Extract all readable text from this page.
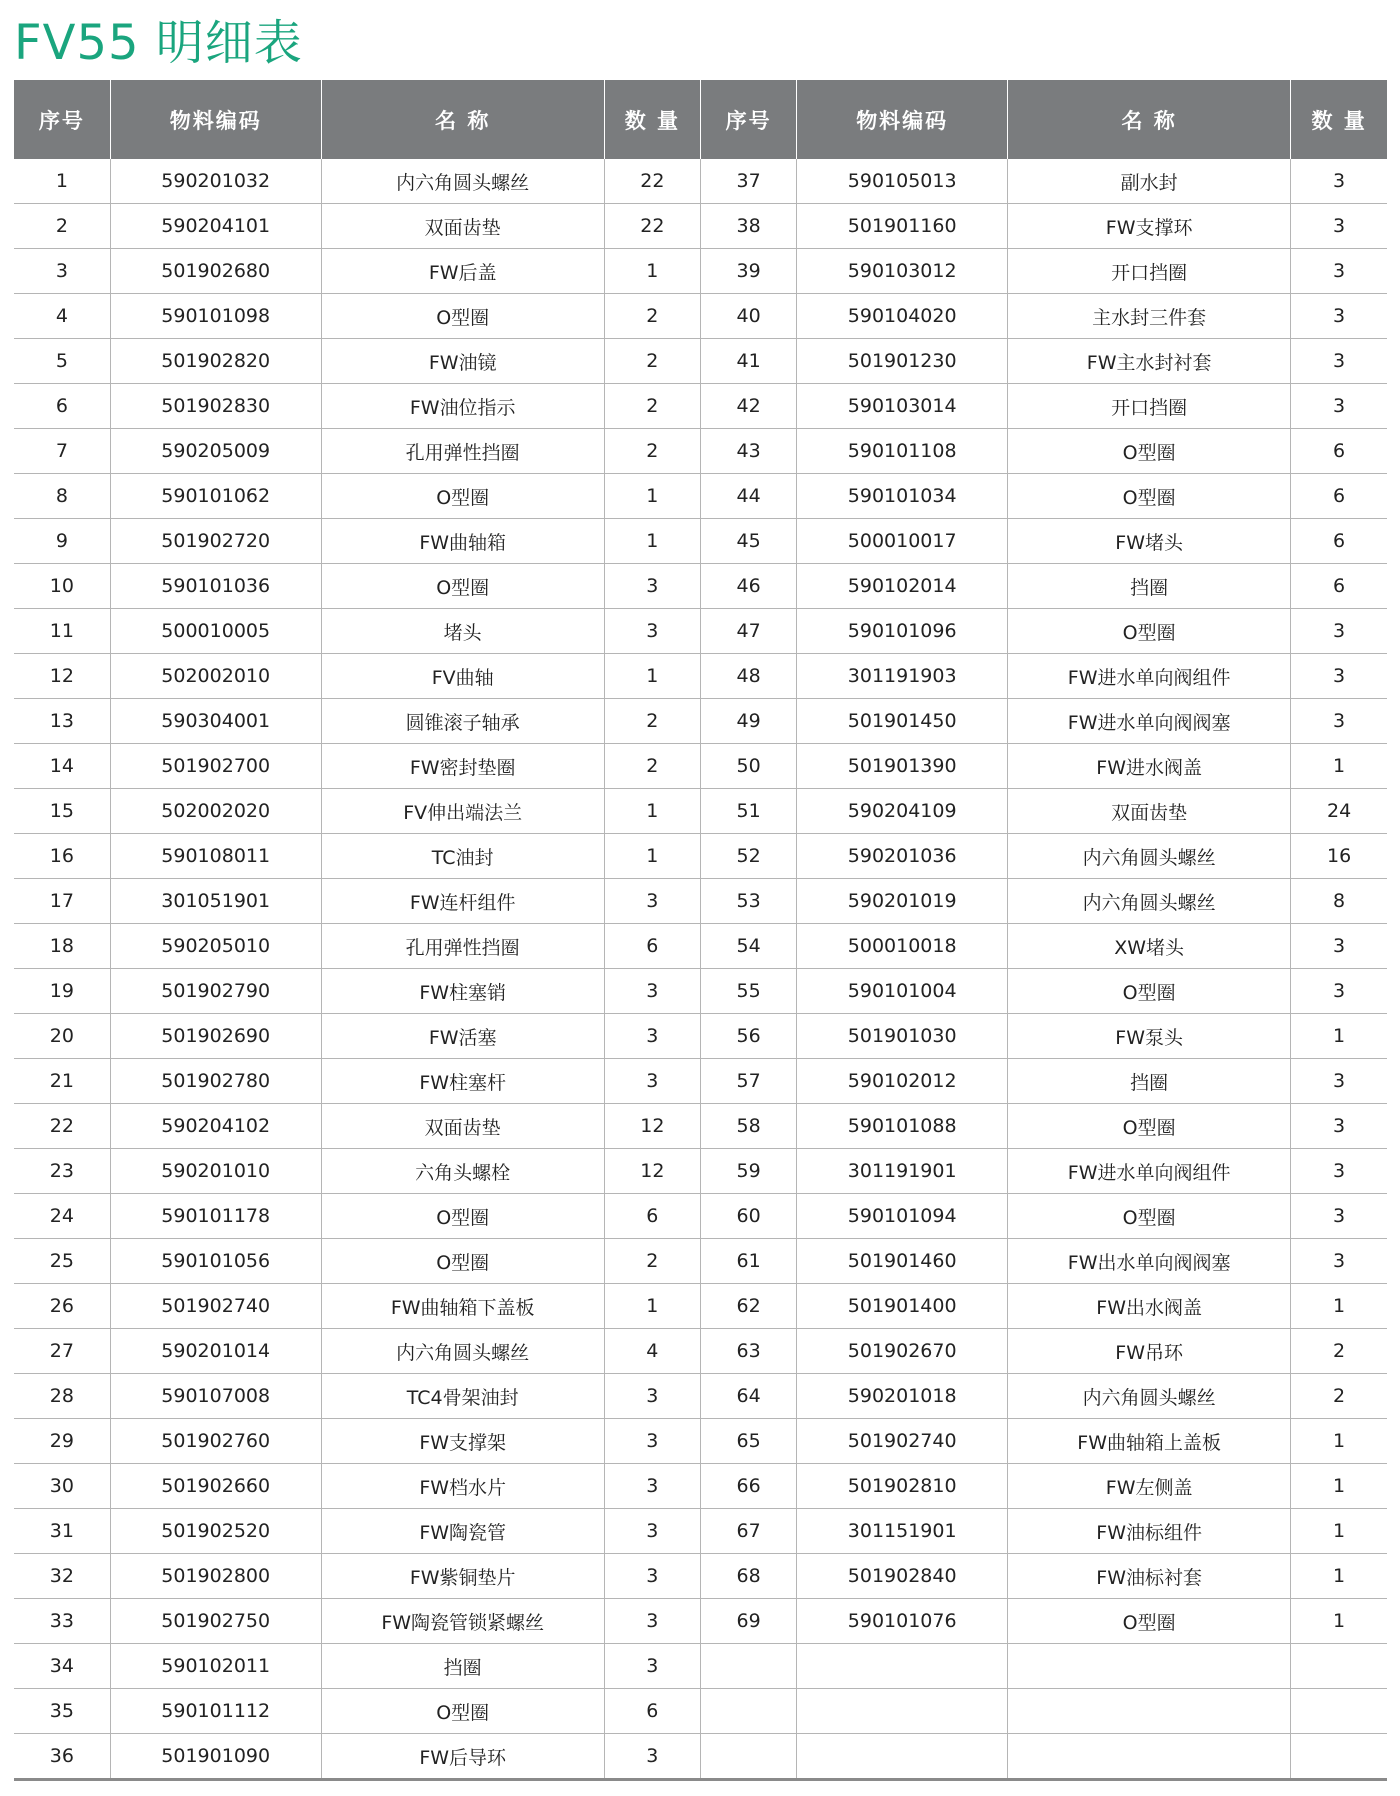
FV55 明细表
序号	物料编码	名 称	数 量	序号	物料编码	名 称	数 量
1	590201032	内六角圆头螺丝	22	37	590105013	副水封	3
2	590204101	双面齿垫	22	38	501901160	FW支撑环	3
3	501902680	FW后盖	1	39	590103012	开口挡圈	3
4	590101098	O型圈	2	40	590104020	主水封三件套	3
5	501902820	FW油镜	2	41	501901230	FW主水封衬套	3
6	501902830	FW油位指示	2	42	590103014	开口挡圈	3
7	590205009	孔用弹性挡圈	2	43	590101108	O型圈	6
8	590101062	O型圈	1	44	590101034	O型圈	6
9	501902720	FW曲轴箱	1	45	500010017	FW堵头	6
10	590101036	O型圈	3	46	590102014	挡圈	6
11	500010005	堵头	3	47	590101096	O型圈	3
12	502002010	FV曲轴	1	48	301191903	FW进水单向阀组件	3
13	590304001	圆锥滚子轴承	2	49	501901450	FW进水单向阀阀塞	3
14	501902700	FW密封垫圈	2	50	501901390	FW进水阀盖	1
15	502002020	FV伸出端法兰	1	51	590204109	双面齿垫	24
16	590108011	TC油封	1	52	590201036	内六角圆头螺丝	16
17	301051901	FW连杆组件	3	53	590201019	内六角圆头螺丝	8
18	590205010	孔用弹性挡圈	6	54	500010018	XW堵头	3
19	501902790	FW柱塞销	3	55	590101004	O型圈	3
20	501902690	FW活塞	3	56	501901030	FW泵头	1
21	501902780	FW柱塞杆	3	57	590102012	挡圈	3
22	590204102	双面齿垫	12	58	590101088	O型圈	3
23	590201010	六角头螺栓	12	59	301191901	FW进水单向阀组件	3
24	590101178	O型圈	6	60	590101094	O型圈	3
25	590101056	O型圈	2	61	501901460	FW出水单向阀阀塞	3
26	501902740	FW曲轴箱下盖板	1	62	501901400	FW出水阀盖	1
27	590201014	内六角圆头螺丝	4	63	501902670	FW吊环	2
28	590107008	TC4骨架油封	3	64	590201018	内六角圆头螺丝	2
29	501902760	FW支撑架	3	65	501902740	FW曲轴箱上盖板	1
30	501902660	FW档水片	3	66	501902810	FW左侧盖	1
31	501902520	FW陶瓷管	3	67	301151901	FW油标组件	1
32	501902800	FW紫铜垫片	3	68	501902840	FW油标衬套	1
33	501902750	FW陶瓷管锁紧螺丝	3	69	590101076	O型圈	1
34	590102011	挡圈	3				
35	590101112	O型圈	6				
36	501901090	FW后导环	3				
